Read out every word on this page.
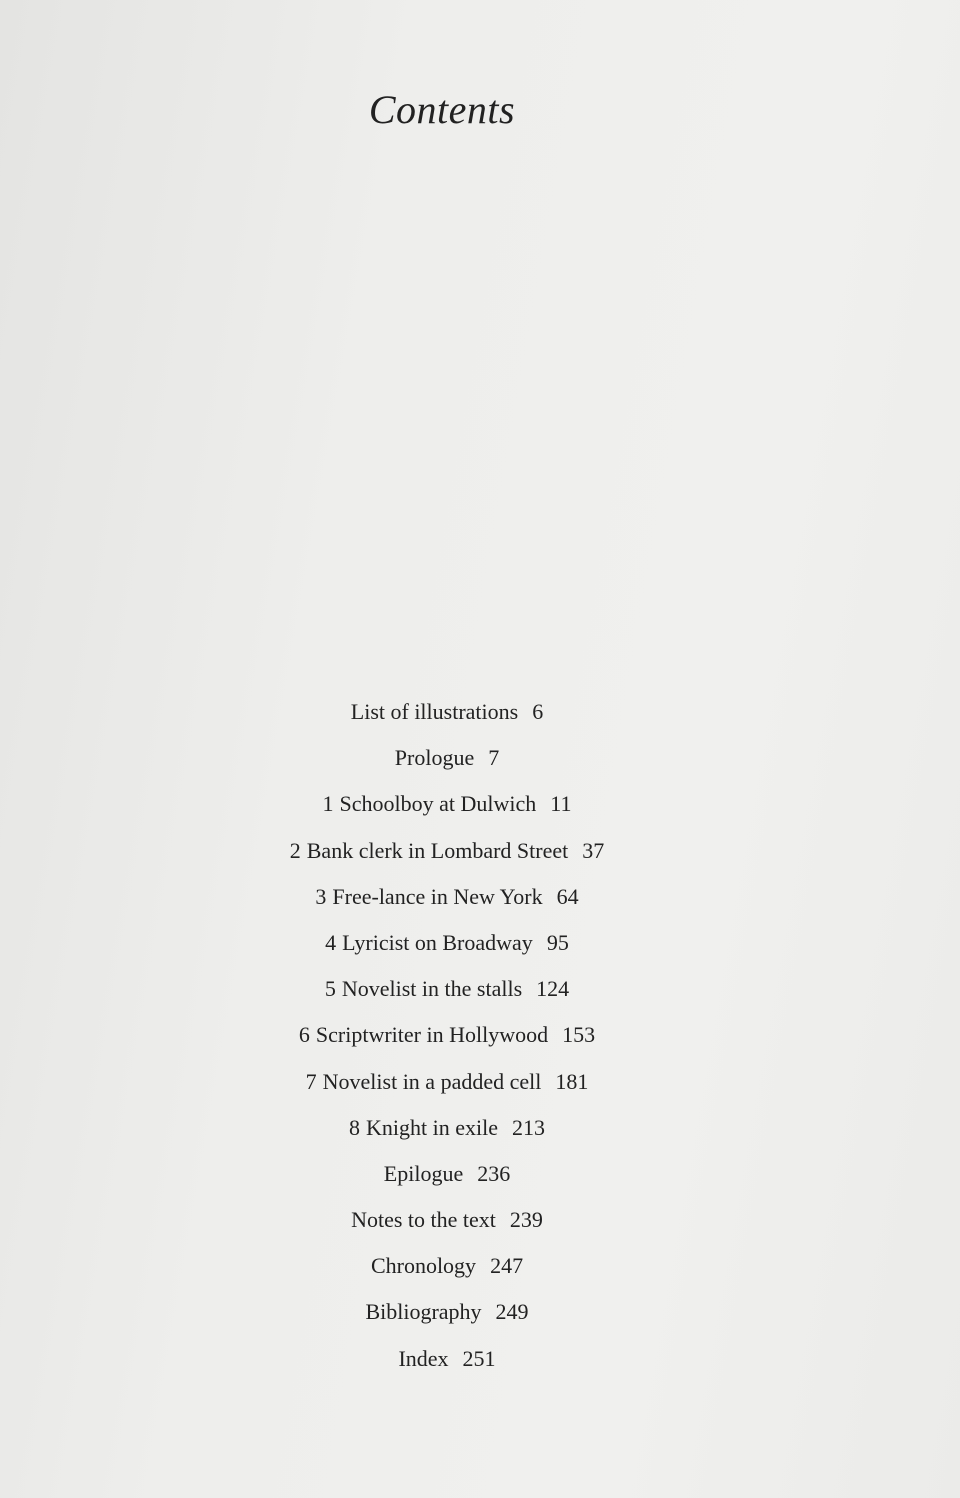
Contents
List of illustrations 6
Prologue 7
1 Schoolboy at Dulwich 11
2 Bank clerk in Lombard Street 37
3 Free-lance in New York 64
4 Lyricist on Broadway 95
5 Novelist in the stalls 124
6 Scriptwriter in Hollywood 153
7 Novelist in a padded cell 181
8 Knight in exile 213
Epilogue 236
Notes to the text 239
Chronology 247
Bibliography 249
Index 251
